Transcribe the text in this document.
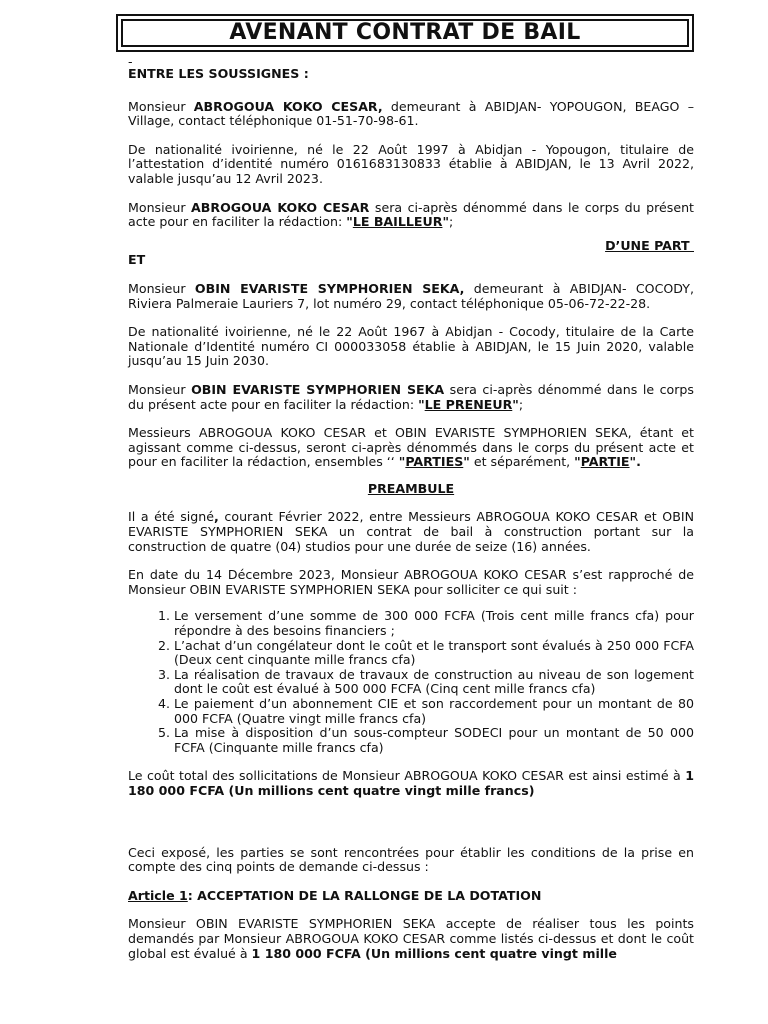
AVENANT CONTRAT DE BAIL

-

ENTRE LES SOUSSIGNES :

Monsieur ABROGOUA KOKO CESAR, demeurant à ABIDJAN- YOPOUGON, BEAGO – Village, contact téléphonique 01-51-70-98-61.

De nationalité ivoirienne, né le 22 Août 1997 à Abidjan - Yopougon, titulaire de l’attestation d’identité numéro 0161683130833 établie à ABIDJAN, le 13 Avril 2022, valable jusqu’au 12 Avril 2023.

Monsieur ABROGOUA KOKO CESAR sera ci-après dénommé dans le corps du présent acte pour en faciliter la rédaction: "LE BAILLEUR";

D’UNE PART

ET

Monsieur OBIN EVARISTE SYMPHORIEN SEKA, demeurant à ABIDJAN- COCODY, Riviera Palmeraie Lauriers 7, lot numéro 29, contact téléphonique 05-06-72-22-28.

De nationalité ivoirienne, né le 22 Août 1967 à Abidjan - Cocody, titulaire de la Carte Nationale d’Identité numéro CI 000033058 établie à ABIDJAN, le 15 Juin 2020, valable jusqu’au 15 Juin 2030.

Monsieur OBIN EVARISTE SYMPHORIEN SEKA sera ci-après dénommé dans le corps du présent acte pour en faciliter la rédaction: "LE PRENEUR";

Messieurs ABROGOUA KOKO CESAR et OBIN EVARISTE SYMPHORIEN SEKA, étant et agissant comme ci-dessus, seront ci-après dénommés dans le corps du présent acte et pour en faciliter la rédaction, ensembles ‘‘ "PARTIES" et séparément, "PARTIE".

PREAMBULE

Il a été signé, courant Février 2022, entre Messieurs ABROGOUA KOKO CESAR et OBIN EVARISTE SYMPHORIEN SEKA un contrat de bail à construction portant sur la construction de quatre (04) studios pour une durée de seize (16) années.

En date du 14 Décembre 2023, Monsieur ABROGOUA KOKO CESAR s’est rapproché de Monsieur OBIN EVARISTE SYMPHORIEN SEKA pour solliciter ce qui suit :

1. Le versement d’une somme de 300 000 FCFA (Trois cent mille francs cfa) pour répondre à des besoins financiers ;
2. L’achat d’un congélateur dont le coût et le transport sont évalués à 250 000 FCFA (Deux cent cinquante mille francs cfa)
3. La réalisation de travaux de travaux de construction au niveau de son logement dont le coût est évalué à 500 000 FCFA (Cinq cent mille francs cfa)
4. Le paiement d’un abonnement CIE et son raccordement pour un montant de 80 000 FCFA (Quatre vingt mille francs cfa)
5. La mise à disposition d’un sous-compteur SODECI pour un montant de 50 000 FCFA (Cinquante mille francs cfa)

Le coût total des sollicitations de Monsieur ABROGOUA KOKO CESAR est ainsi estimé à 1 180 000 FCFA (Un millions cent quatre vingt mille francs)

Ceci exposé, les parties se sont rencontrées pour établir les conditions de la prise en compte des cinq points de demande ci-dessus :

Article 1: ACCEPTATION DE LA RALLONGE DE LA DOTATION

Monsieur OBIN EVARISTE SYMPHORIEN SEKA accepte de réaliser tous les points demandés par Monsieur ABROGOUA KOKO CESAR comme listés ci-dessus et dont le coût global est évalué à 1 180 000 FCFA (Un millions cent quatre vingt mille
